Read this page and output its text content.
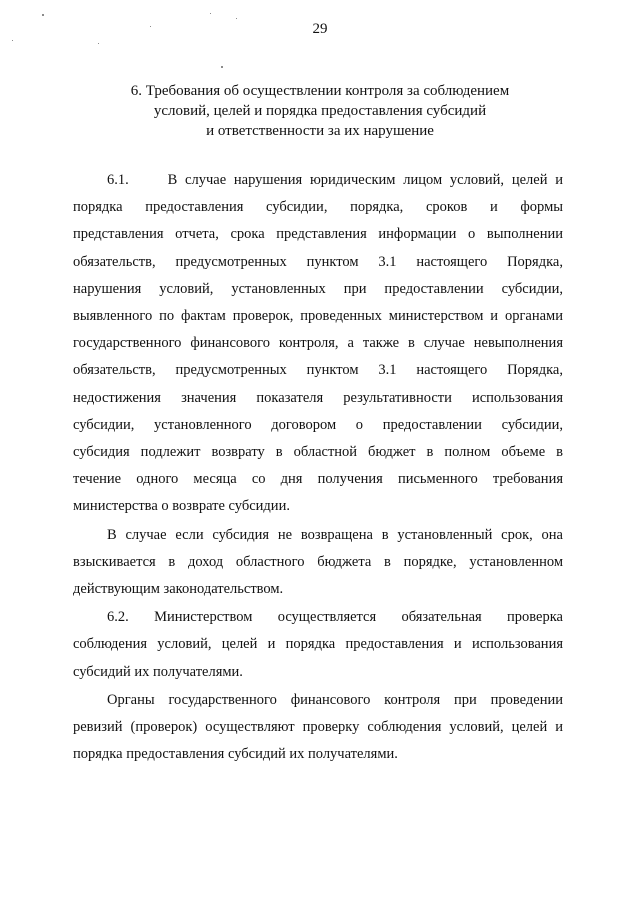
29
6. Требования об осуществлении контроля за соблюдением
условий, целей и порядка предоставления субсидий
и ответственности за их нарушение

6.1.     В случае нарушения юридическим лицом условий, целей и
порядка предоставления субсидии, порядка, сроков и формы
представления отчета, срока представления информации о выполнении
обязательств, предусмотренных пунктом 3.1 настоящего Порядка,
нарушения условий, установленных при предоставлении субсидии,
выявленного по фактам проверок, проведенных министерством и органами
государственного финансового контроля, а также в случае невыполнения
обязательств, предусмотренных пунктом 3.1 настоящего Порядка,
недостижения значения показателя результативности использования
субсидии, установленного договором о предоставлении субсидии,
субсидия подлежит возврату в областной бюджет в полном объеме в
течение одного месяца со дня получения письменного требования
министерства о возврате субсидии.

В случае если субсидия не возвращена в установленный срок, она
взыскивается в доход областного бюджета в порядке, установленном
действующим законодательством.

6.2. Министерством осуществляется обязательная проверка
соблюдения условий, целей и порядка предоставления и использования
субсидий их получателями.

Органы государственного финансового контроля при проведении
ревизий (проверок) осуществляют проверку соблюдения условий, целей и
порядка предоставления субсидий их получателями.
